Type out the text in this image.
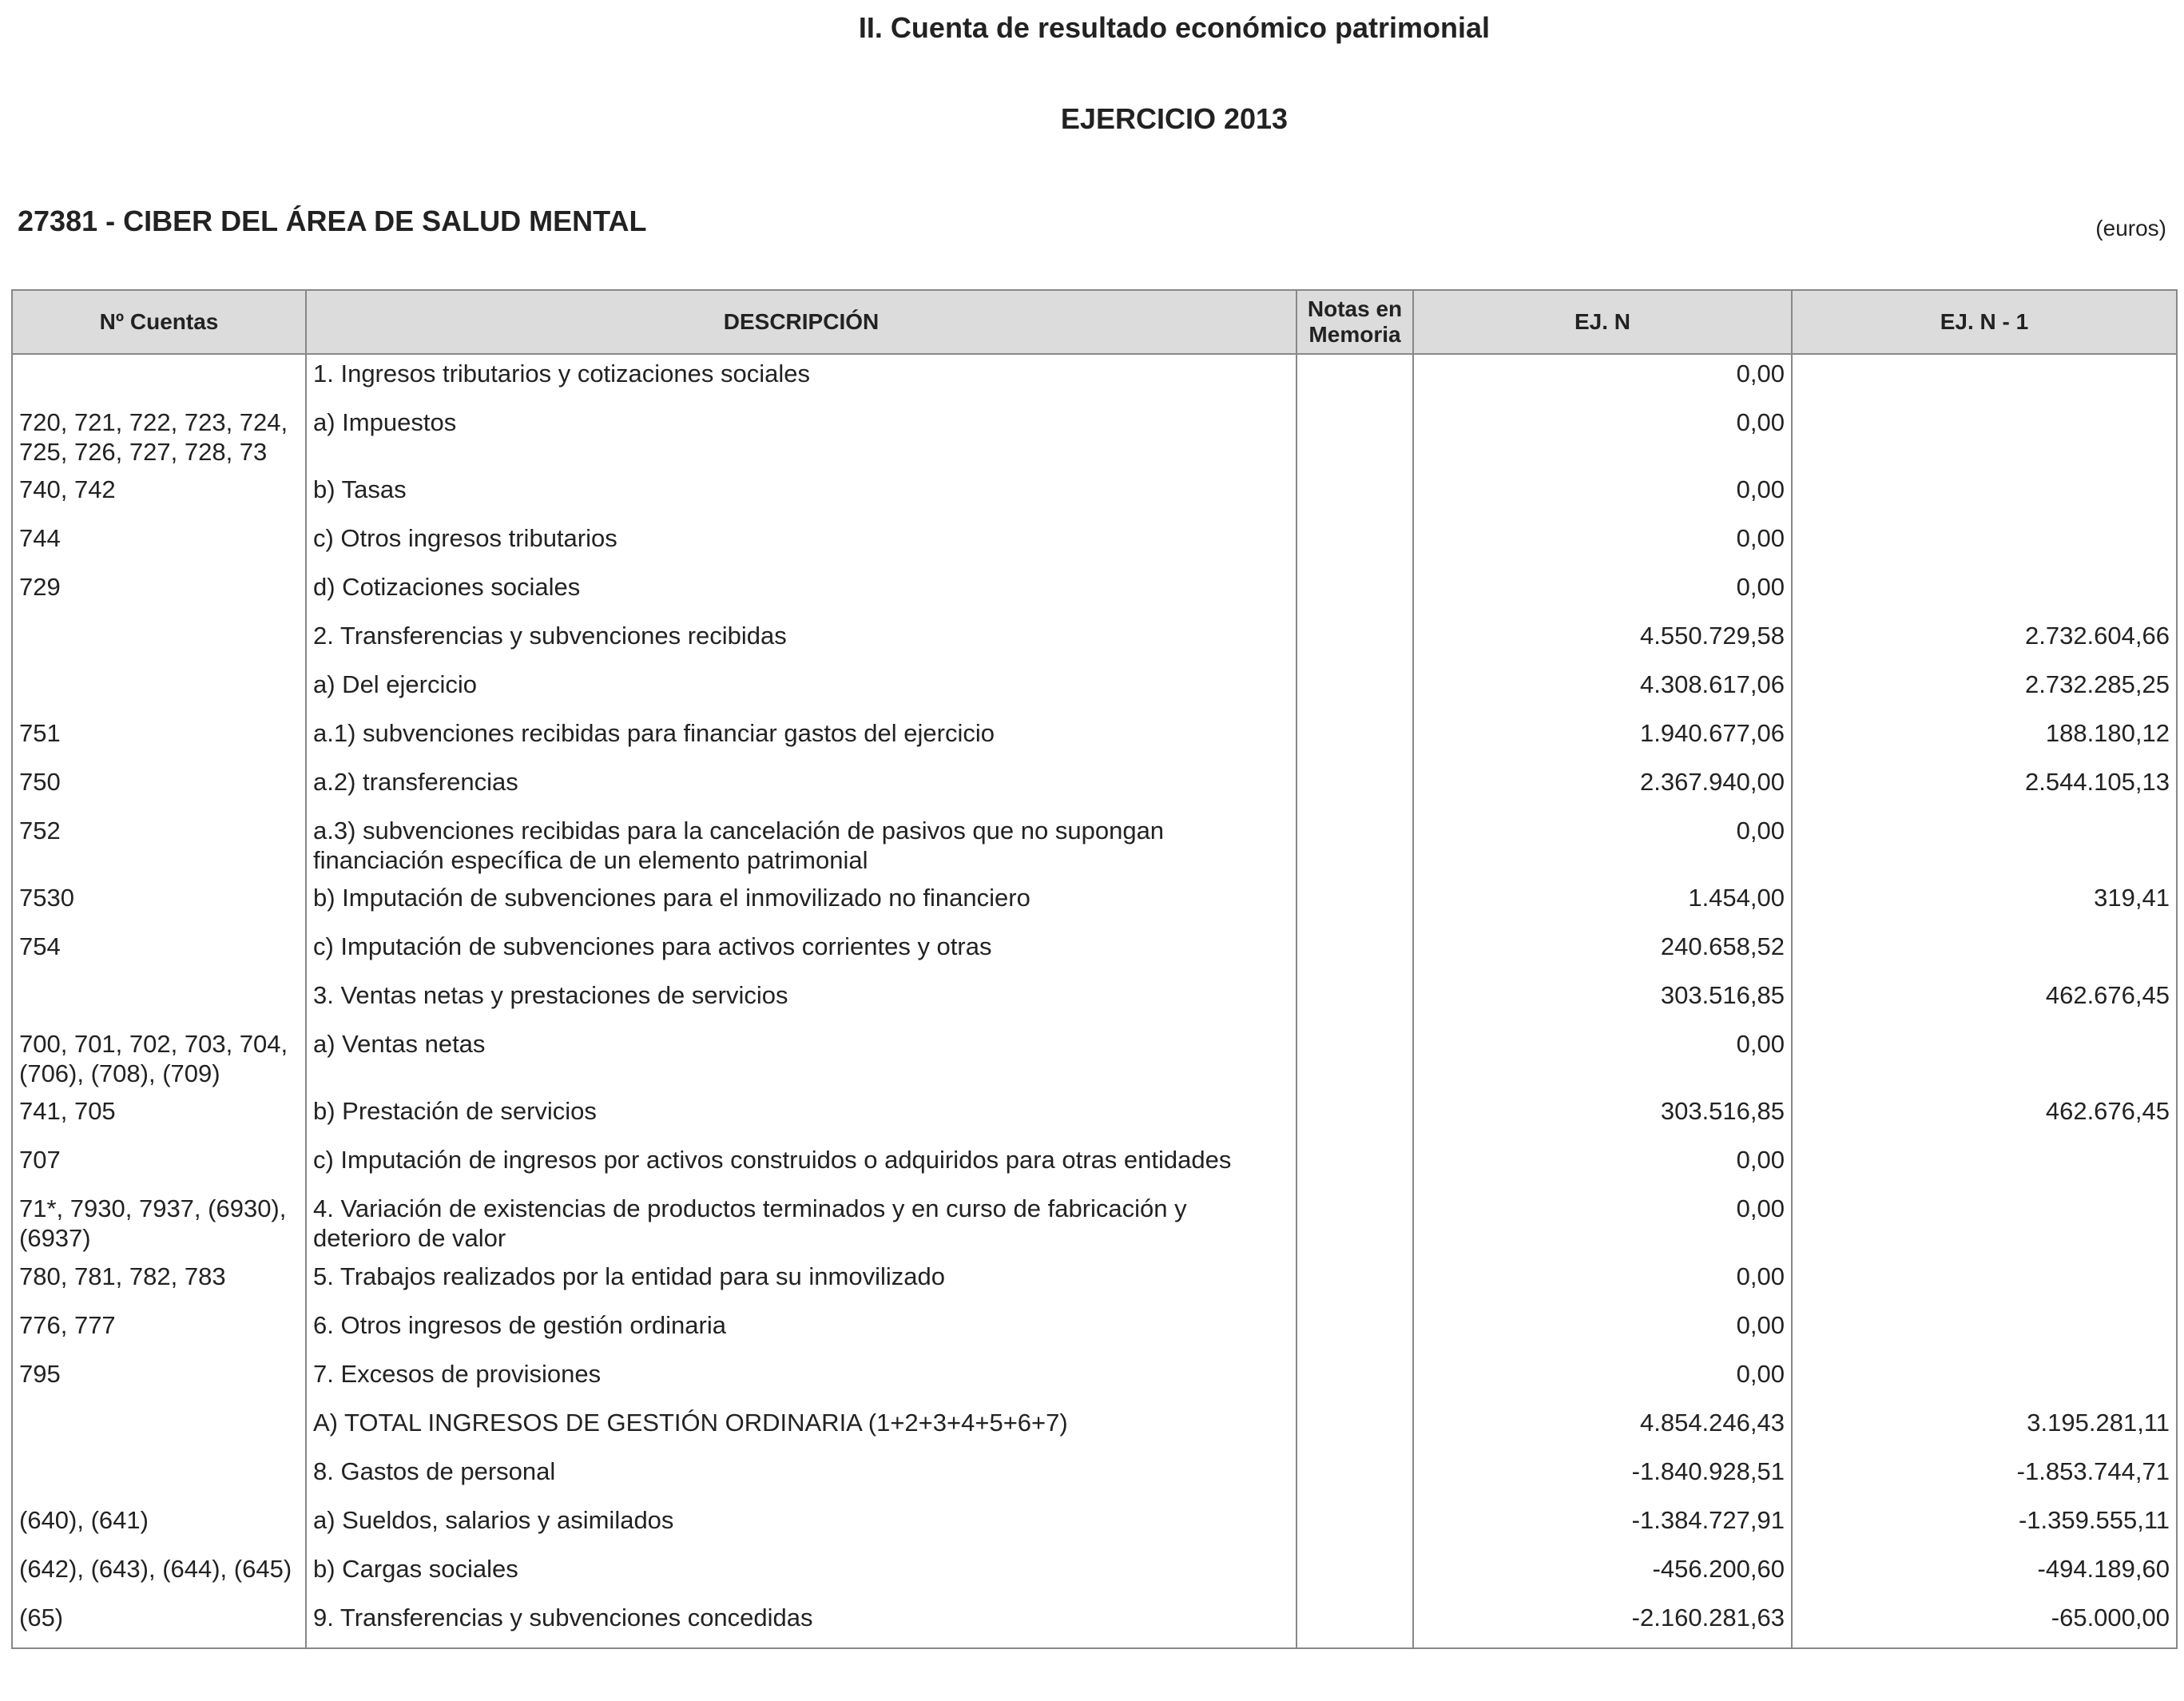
II. Cuenta de resultado económico patrimonial
EJERCICIO 2013
27381 - CIBER DEL ÁREA DE SALUD MENTAL	(euros)
Nº Cuentas	DESCRIPCIÓN	Notas en Memoria	EJ. N	EJ. N - 1
	1. Ingresos tributarios y cotizaciones sociales		0,00	
720, 721, 722, 723, 724, 725, 726, 727, 728, 73	a) Impuestos		0,00	
740, 742	b) Tasas		0,00	
744	c) Otros ingresos tributarios		0,00	
729	d) Cotizaciones sociales		0,00	
	2. Transferencias y subvenciones recibidas		4.550.729,58	2.732.604,66
	a) Del ejercicio		4.308.617,06	2.732.285,25
751	a.1) subvenciones recibidas para financiar gastos del ejercicio		1.940.677,06	188.180,12
750	a.2) transferencias		2.367.940,00	2.544.105,13
752	a.3) subvenciones recibidas para la cancelación de pasivos que no supongan financiación específica de un elemento patrimonial		0,00	
7530	b) Imputación de subvenciones para el inmovilizado no financiero		1.454,00	319,41
754	c) Imputación de subvenciones para activos corrientes y otras		240.658,52	
	3. Ventas netas y prestaciones de servicios		303.516,85	462.676,45
700, 701, 702, 703, 704, (706), (708), (709)	a) Ventas netas		0,00	
741, 705	b) Prestación de servicios		303.516,85	462.676,45
707	c) Imputación de ingresos por activos construidos o adquiridos para otras entidades		0,00	
71*, 7930, 7937, (6930), (6937)	4. Variación de existencias de productos terminados y en curso de fabricación y deterioro de valor		0,00	
780, 781, 782, 783	5. Trabajos realizados por la entidad para su inmovilizado		0,00	
776, 777	6. Otros ingresos de gestión ordinaria		0,00	
795	7. Excesos de provisiones		0,00	
	A) TOTAL INGRESOS DE GESTIÓN ORDINARIA (1+2+3+4+5+6+7)		4.854.246,43	3.195.281,11
	8. Gastos de personal		-1.840.928,51	-1.853.744,71
(640), (641)	a) Sueldos, salarios y asimilados		-1.384.727,91	-1.359.555,11
(642), (643), (644), (645)	b) Cargas sociales		-456.200,60	-494.189,60
(65)	9. Transferencias y subvenciones concedidas		-2.160.281,63	-65.000,00
